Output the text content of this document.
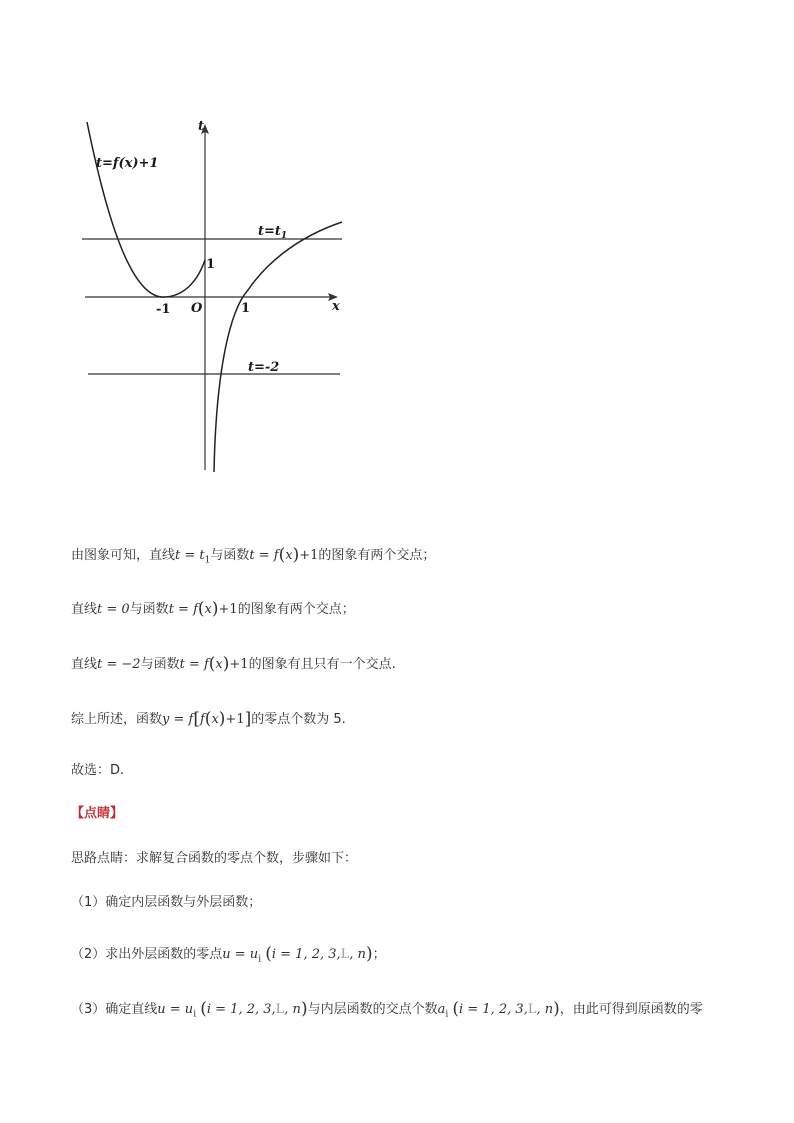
t
x
t=f(x)+1
O
-1	1
1
$t=t_1$
t=-2
由图象可知，直线$t = t_1$与函数t = f(x)+1的图象有两个交点；
直线t = 0与函数t = f(x)+1的图象有两个交点；
直线t = −2与函数t = f(x)+1的图象有且只有一个交点.
综上所述，函数y = f[f(x)+1]的零点个数为 5.
故选：D.
【点睛】
思路点睛：求解复合函数的零点个数，步骤如下：
（1）确定内层函数与外层函数；
（2）求出外层函数的零点$u = u_i$ (i = 1, 2, 3,L, n)；
（3）确定直线$u = u_i$ (i = 1, 2, 3,L, n)与内层函数的交点个数$a_i$ (i = 1, 2, 3,L, n)，由此可得到原函数的零
